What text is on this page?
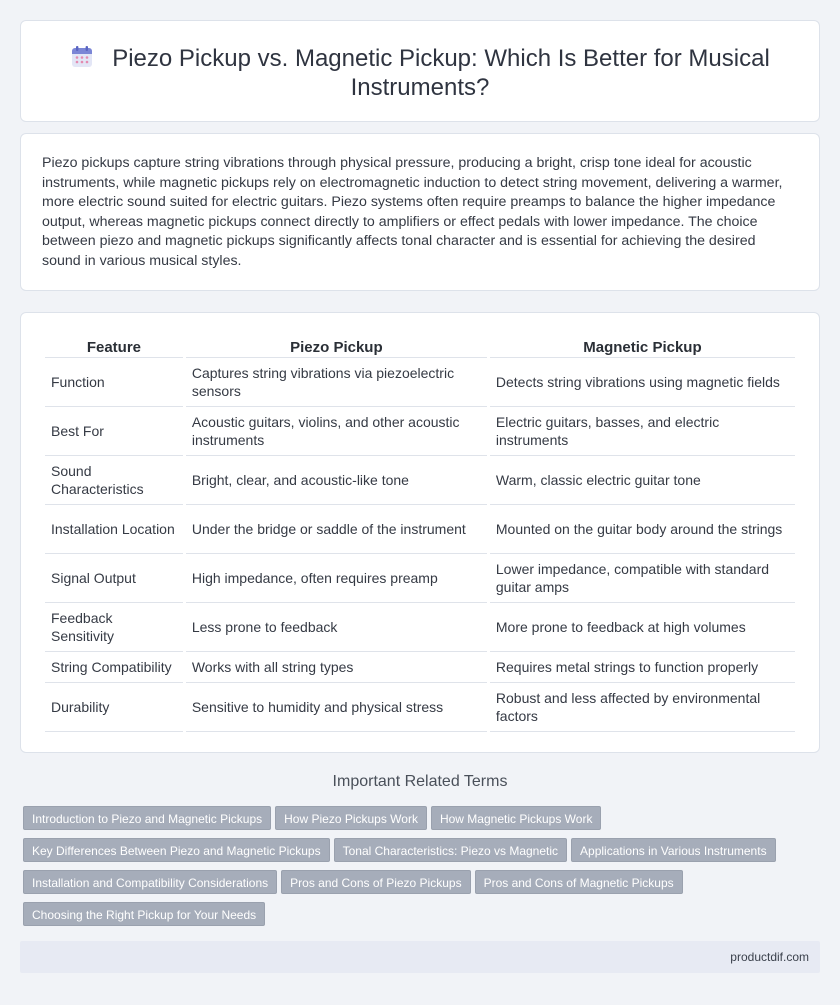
Piezo Pickup vs. Magnetic Pickup: Which Is Better for Musical Instruments?

Piezo pickups capture string vibrations through physical pressure, producing a bright, crisp tone ideal for acoustic instruments, while magnetic pickups rely on electromagnetic induction to detect string movement, delivering a warmer, more electric sound suited for electric guitars. Piezo systems often require preamps to balance the higher impedance output, whereas magnetic pickups connect directly to amplifiers or effect pedals with lower impedance. The choice between piezo and magnetic pickups significantly affects tonal character and is essential for achieving the desired sound in various musical styles.

Feature	Piezo Pickup	Magnetic Pickup
Function	Captures string vibrations via piezoelectric sensors	Detects string vibrations using magnetic fields
Best For	Acoustic guitars, violins, and other acoustic instruments	Electric guitars, basses, and electric instruments
Sound Characteristics	Bright, clear, and acoustic-like tone	Warm, classic electric guitar tone
Installation Location	Under the bridge or saddle of the instrument	Mounted on the guitar body around the strings
Signal Output	High impedance, often requires preamp	Lower impedance, compatible with standard guitar amps
Feedback Sensitivity	Less prone to feedback	More prone to feedback at high volumes
String Compatibility	Works with all string types	Requires metal strings to function properly
Durability	Sensitive to humidity and physical stress	Robust and less affected by environmental factors
Important Related Terms
Introduction to Piezo and Magnetic Pickups How Piezo Pickups Work How Magnetic Pickups Work
Key Differences Between Piezo and Magnetic Pickups Tonal Characteristics: Piezo vs Magnetic Applications in Various Instruments
Installation and Compatibility Considerations Pros and Cons of Piezo Pickups Pros and Cons of Magnetic Pickups
Choosing the Right Pickup for Your Needs
productdif.com
